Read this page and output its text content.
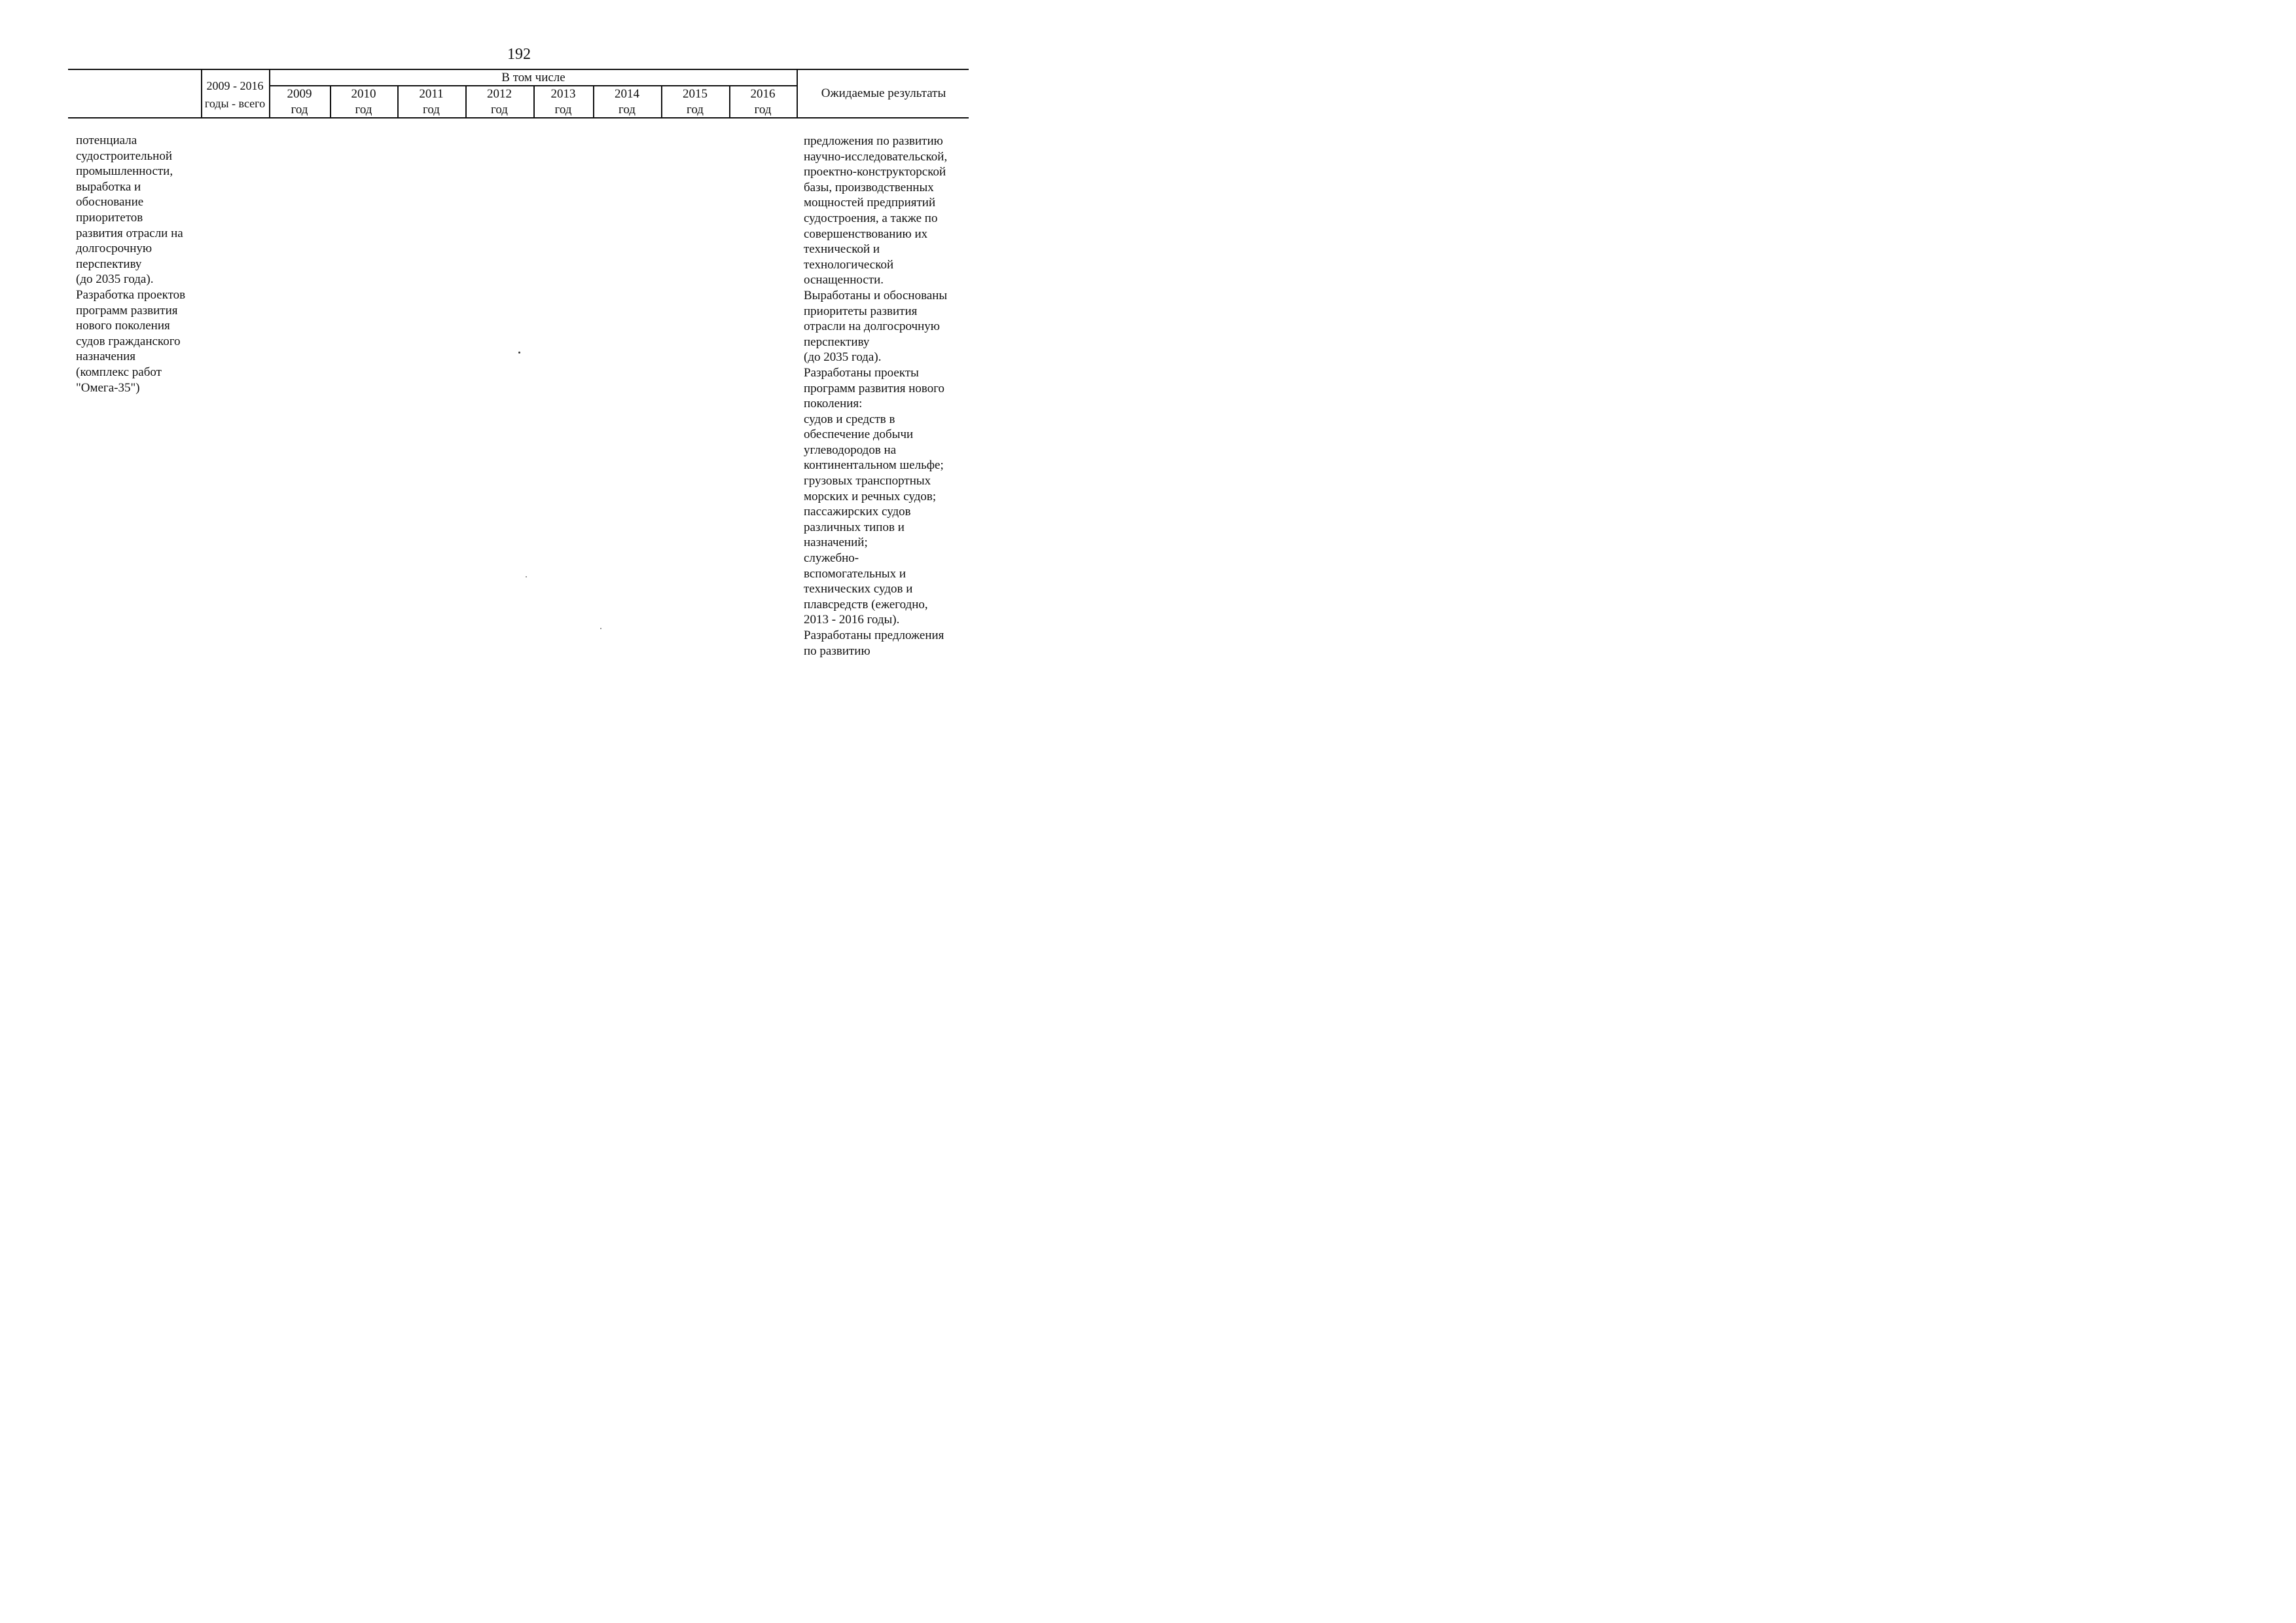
192
2009 - 2016
годы - всего
В том числе
Ожидаемые результаты
2009
год
2010
год
2011
год
2012
год
2013
год
2014
год
2015
год
2016
год
потенциала
судостроительной
промышленности,
выработка и
обоснование
приоритетов
развития отрасли на
долгосрочную
перспективу
(до 2035 года).
Разработка проектов
программ развития
нового поколения
судов гражданского
назначения
(комплекс работ
"Омега-35")
предложения по развитию
научно-исследовательской,
проектно-конструкторской
базы, производственных
мощностей предприятий
судостроения, а также по
совершенствованию их
технической и
технологической
оснащенности.
Выработаны и обоснованы
приоритеты развития
отрасли на долгосрочную
перспективу
(до 2035 года).
Разработаны проекты
программ развития нового
поколения:
судов и средств в
обеспечение добычи
углеводородов на
континентальном шельфе;
грузовых транспортных
морских и речных судов;
пассажирских судов
различных типов и
назначений;
служебно-
вспомогательных и
технических судов и
плавсредств (ежегодно,
2013 - 2016 годы).
Разработаны предложения
по развитию
